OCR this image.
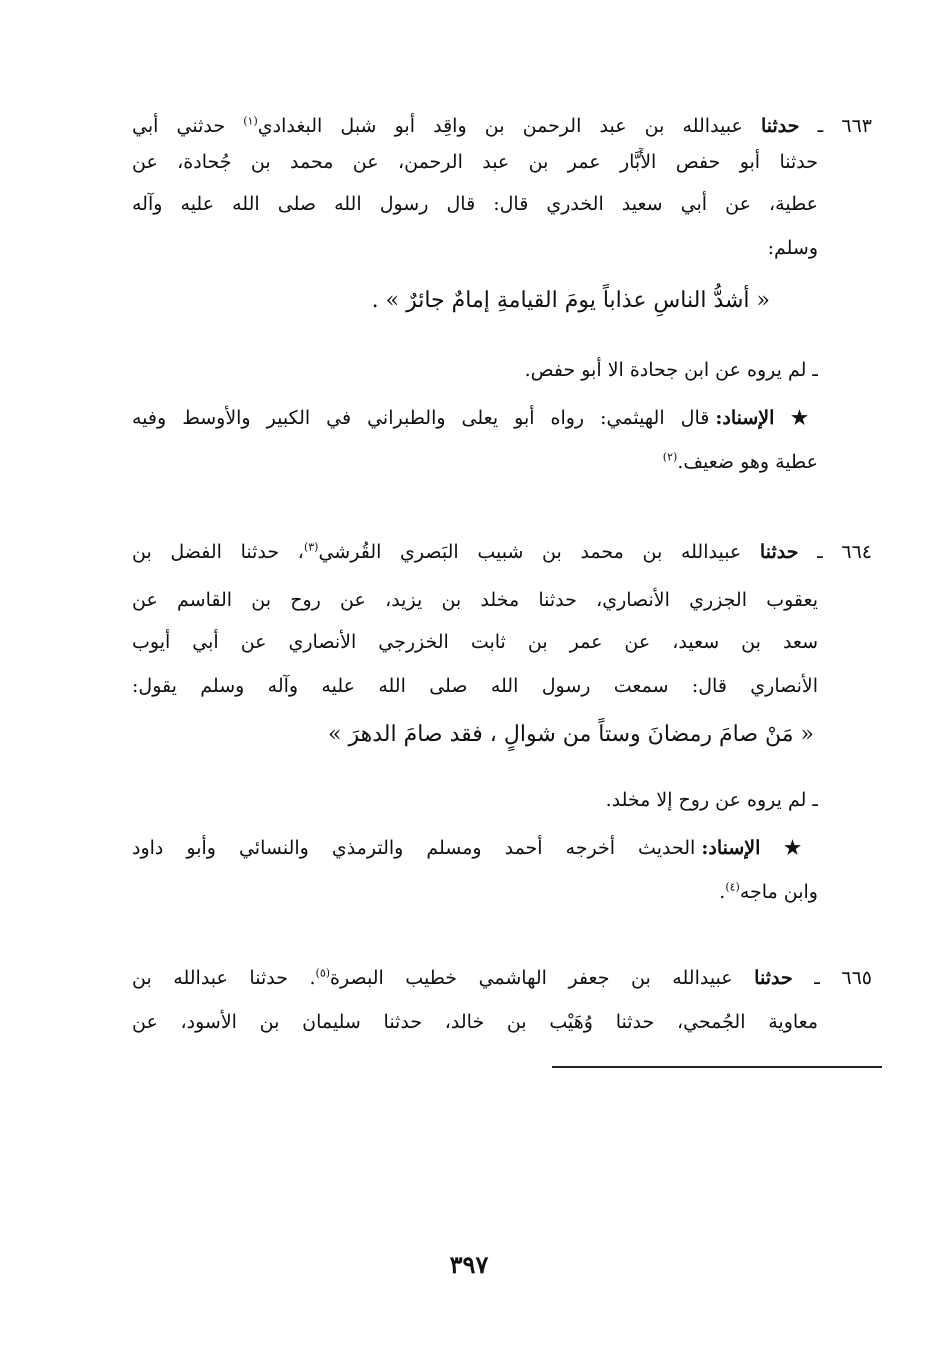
٦٦٣ ـ حدثنا عبيدالله بن عبد الرحمن بن واقِد أبو شبل البغدادي$^{(١)}$ حدثني أبي
حدثنا أبو حفص الأَبَّار عمر بن عبد الرحمن، عن محمد بن جُحادة، عن
عطية، عن أبي سعيد الخدري قال: قال رسول الله صلى الله عليه وآله
وسلم:
« أشدُّ الناسِ عذاباً يومَ القيامةِ إمامٌ جائرٌ » .
ـ لم يروه عن ابن جحادة الا أبو حفص.
★ الإسناد: قال الهيثمي: رواه أبو يعلى والطبراني في الكبير والأوسط وفيه
عطية وهو ضعيف.$^{(٢)}$
٦٦٤ ـ حدثنا عبيدالله بن محمد بن شبيب البَصري القُرشي$^{(٣)}$، حدثنا الفضل بن
يعقوب الجزري الأنصاري، حدثنا مخلد بن يزيد، عن روح بن القاسم عن
سعد بن سعيد، عن عمر بن ثابت الخزرجي الأنصاري عن أبي أيوب
الأنصاري قال: سمعت رسول الله صلى الله عليه وآله وسلم يقول:
« مَنْ صامَ رمضانَ وستاً من شوالٍ ، فقد صامَ الدهرَ »
ـ لم يروه عن روح إلا مخلد.
★ الإسناد: الحديث أخرجه أحمد ومسلم والترمذي والنسائي وأبو داود
وابن ماجه$^{(٤)}$.
٦٦٥ ـ حدثنا عبيدالله بن جعفر الهاشمي خطيب البصرة$^{(٥)}$. حدثنا عبدالله بن
معاوية الجُمحي، حدثنا وُهَيْب بن خالد، حدثنا سليمان بن الأسود، عن
٣٩٧
